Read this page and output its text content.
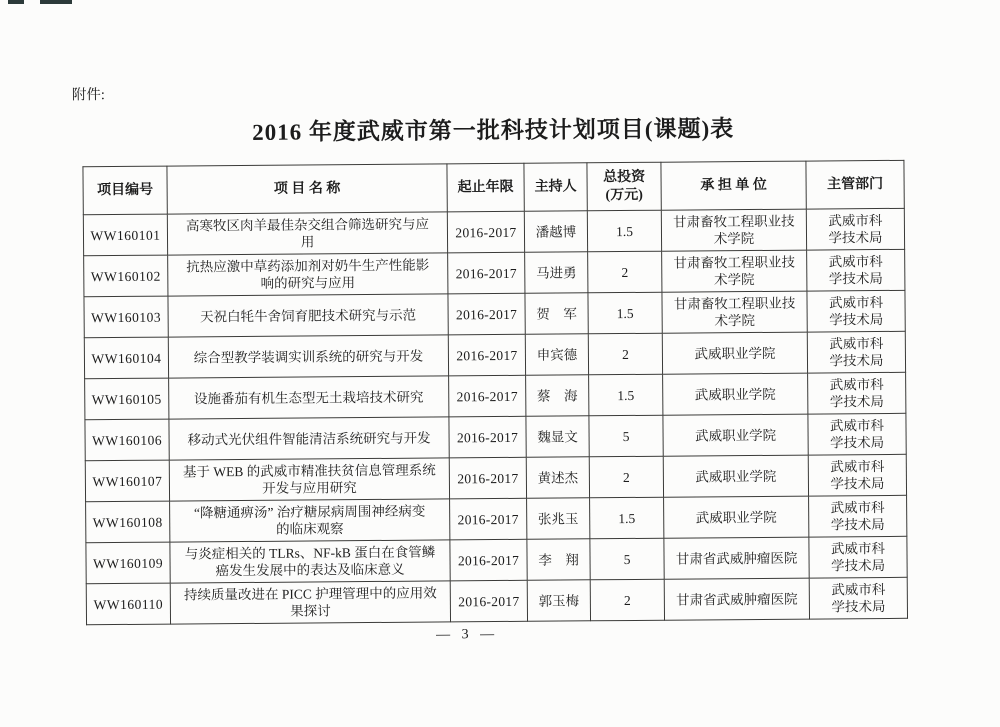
附件:
2016 年度武威市第一批科技计划项目(课题)表
项目编号	项 目 名 称	起止年限	主持人	总投资
(万元)	承 担 单 位	主管部门
WW160101	高寒牧区肉羊最佳杂交组合筛选研究与应
用	2016-2017	潘越博	1.5	甘肃畜牧工程职业技
术学院	武威市科
学技术局
WW160102	抗热应激中草药添加剂对奶牛生产性能影
响的研究与应用	2016-2017	马进勇	2	甘肃畜牧工程职业技
术学院	武威市科
学技术局
WW160103	天祝白牦牛舍饲育肥技术研究与示范	2016-2017	贺　军	1.5	甘肃畜牧工程职业技
术学院	武威市科
学技术局
WW160104	综合型教学装调实训系统的研究与开发	2016-2017	申宾德	2	武威职业学院	武威市科
学技术局
WW160105	设施番茄有机生态型无土栽培技术研究	2016-2017	蔡　海	1.5	武威职业学院	武威市科
学技术局
WW160106	移动式光伏组件智能清洁系统研究与开发	2016-2017	魏显文	5	武威职业学院	武威市科
学技术局
WW160107	基于 WEB 的武威市精准扶贫信息管理系统
开发与应用研究	2016-2017	黄述杰	2	武威职业学院	武威市科
学技术局
WW160108	“降糖通痹汤” 治疗糖尿病周围神经病变
的临床观察	2016-2017	张兆玉	1.5	武威职业学院	武威市科
学技术局
WW160109	与炎症相关的 TLRs、NF-kB 蛋白在食管鳞
癌发生发展中的表达及临床意义	2016-2017	李　翔	5	甘肃省武威肿瘤医院	武威市科
学技术局
WW160110	持续质量改进在 PICC 护理管理中的应用效
果探讨	2016-2017	郭玉梅	2	甘肃省武威肿瘤医院	武威市科
学技术局
— 3 —
